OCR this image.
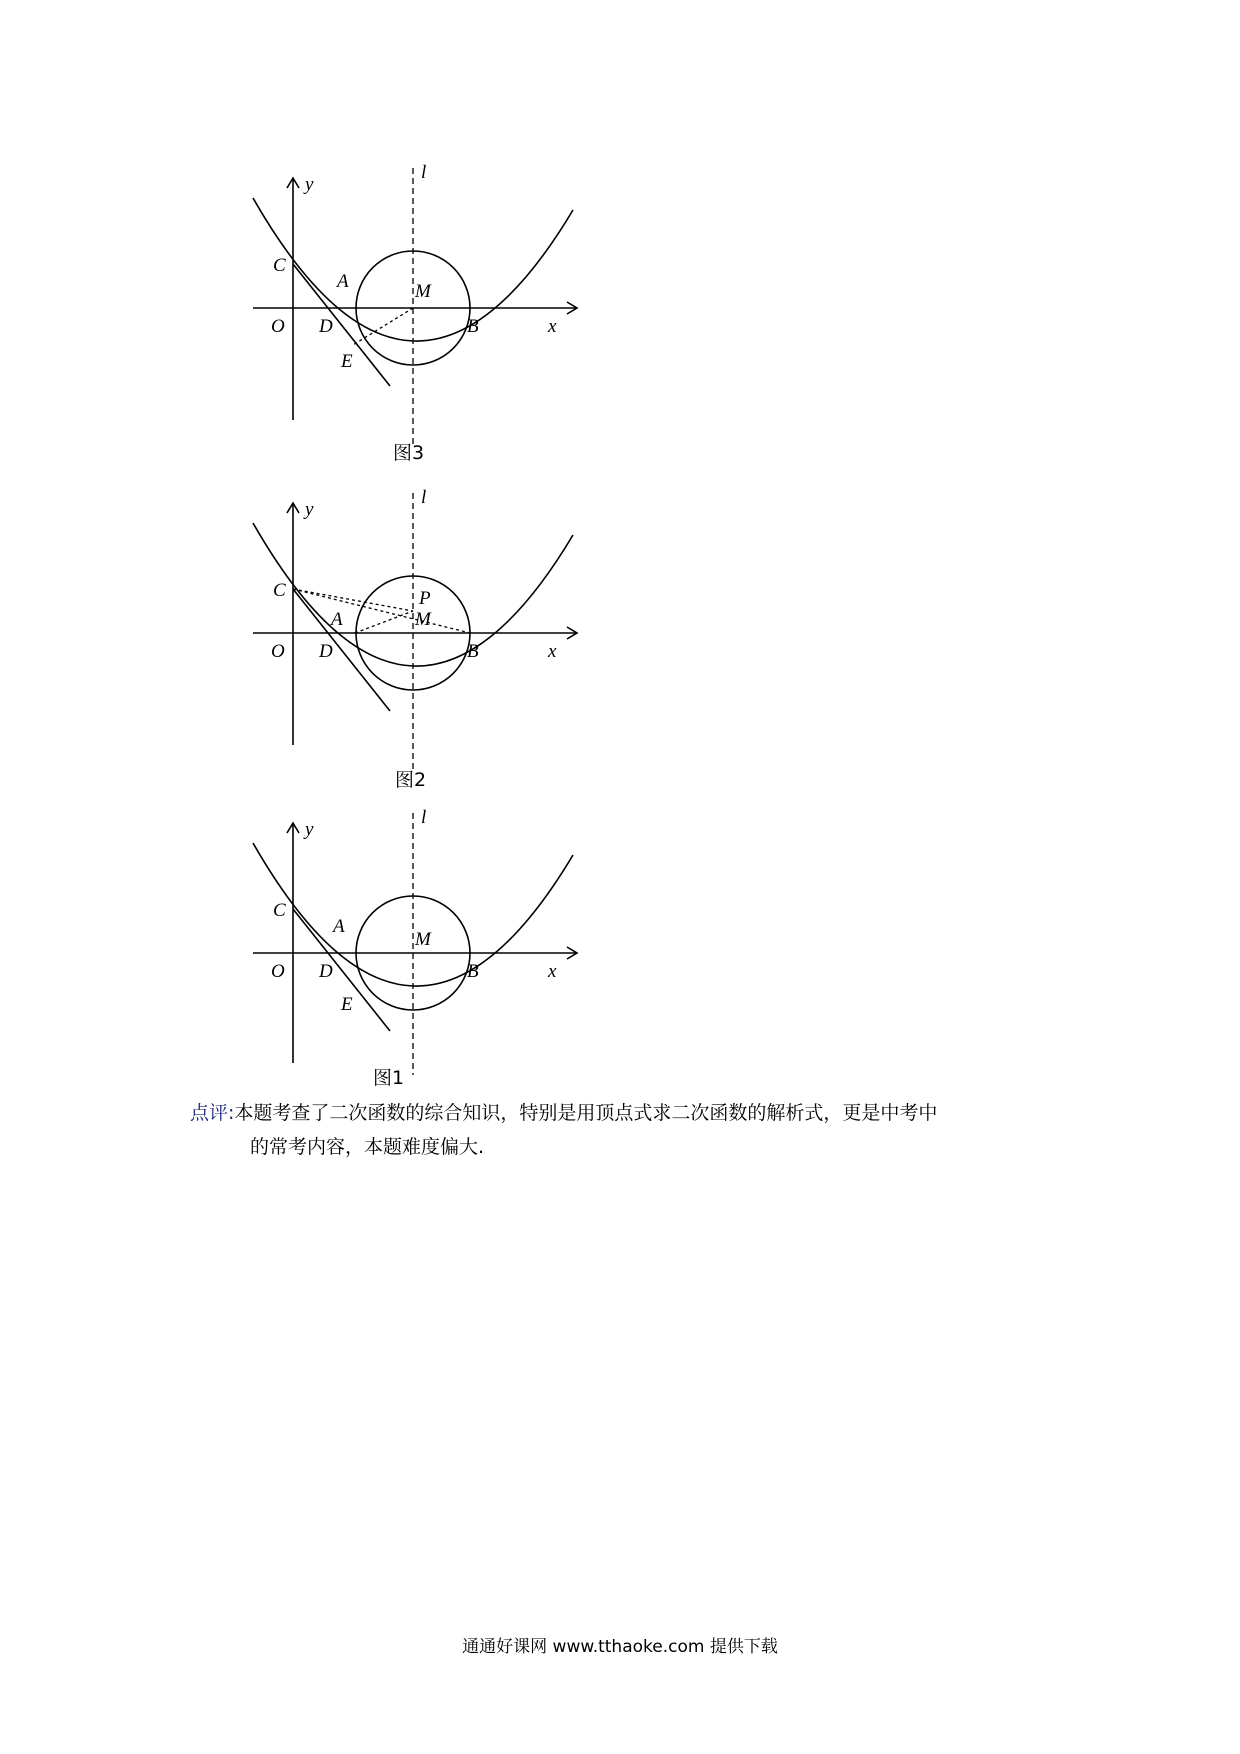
y
l
C
A	M
O D	B	x
E
图3
y
l
C
A
P
M
O D	B	x
图2
y
l
C
A
M
O D	B	x
E
图1
点评:本题考查了二次函数的综合知识，特别是用顶点式求二次函数的解析式，更是中考中
的常考内容，本题难度偏大.
通通好课网 www.tthaoke.com 提供下载
